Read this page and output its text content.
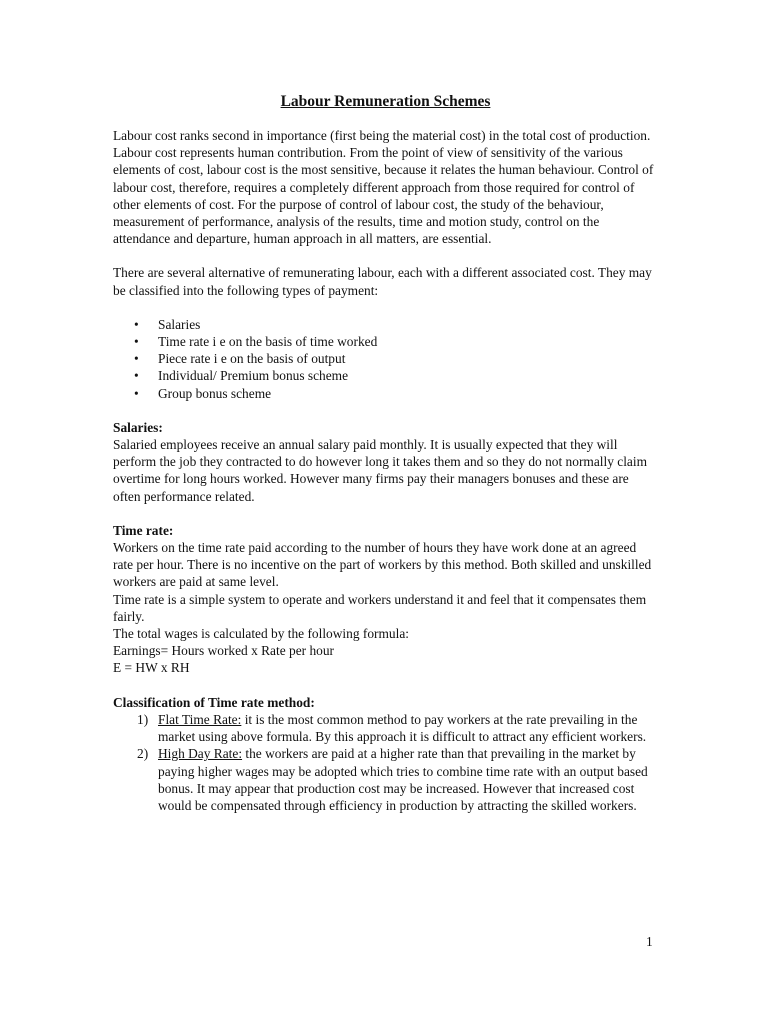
Labour Remuneration Schemes

Labour cost ranks second in importance (first being the material cost) in the total cost of production. Labour cost represents human contribution. From the point of view of sensitivity of the various elements of cost, labour cost is the most sensitive, because it relates the human behaviour. Control of labour cost, therefore, requires a completely different approach from those required for control of other elements of cost. For the purpose of control of labour cost, the study of the behaviour, measurement of performance, analysis of the results, time and motion study, control on the attendance and departure, human approach in all matters, are essential.

There are several alternative of remunerating labour, each with a different associated cost. They may be classified into the following types of payment:

• Salaries
• Time rate i e on the basis of time worked
• Piece rate i e on the basis of output
• Individual/ Premium bonus scheme
• Group bonus scheme

Salaries:

Salaried employees receive an annual salary paid monthly. It is usually expected that they will perform the job they contracted to do however long it takes them and so they do not normally claim overtime for long hours worked. However many firms pay their managers bonuses and these are often performance related.

Time rate:

Workers on the time rate paid according to the number of hours they have work done at an agreed rate per hour. There is no incentive on the part of workers by this method. Both skilled and unskilled workers are paid at same level.

Time rate is a simple system to operate and workers understand it and feel that it compensates them fairly.

The total wages is calculated by the following formula:

Earnings= Hours worked x Rate per hour

E = HW x RH

Classification of Time rate method:

1) Flat Time Rate: it is the most common method to pay workers at the rate prevailing in the market using above formula. By this approach it is difficult to attract any efficient workers.
2) High Day Rate: the workers are paid at a higher rate than that prevailing in the market by paying higher wages may be adopted which tries to combine time rate with an output based bonus. It may appear that production cost may be increased. However that increased cost would be compensated through efficiency in production by attracting the skilled workers.
1
